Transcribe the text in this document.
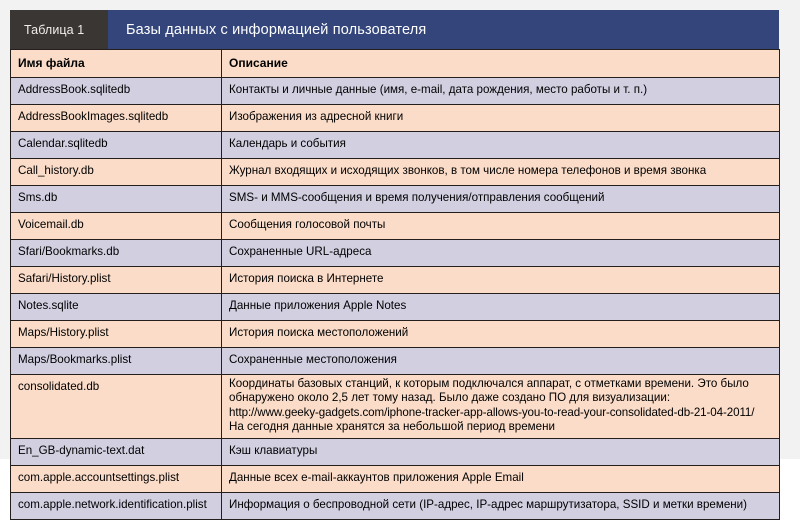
Таблица 1	Базы данных с информацией пользователя
Имя файла	Описание
AddressBook.sqlitedb	Контакты и личные данные (имя, e-mail, дата рождения, место работы и т. п.)
AddressBookImages.sqlitedb	Изображения из адресной книги
Calendar.sqlitedb	Календарь и события
Call_history.db	Журнал входящих и исходящих звонков, в том числе номера телефонов и время звонка
Sms.db	SMS- и MMS-сообщения и время получения/отправления сообщений
Voicemail.db	Сообщения голосовой почты
Sfari/Bookmarks.db	Сохраненные URL-адреса
Safari/History.plist	История поиска в Интернете
Notes.sqlite	Данные приложения Apple Notes
Maps/History.plist	История поиска местоположений
Maps/Bookmarks.plist	Сохраненные местоположения
consolidated.db	Координаты базовых станций, к которым подключался аппарат, с отметками времени. Это было
обнаружено около 2,5 лет тому назад. Было даже создано ПО для визуализации:
http://www.geeky-gadgets.com/iphone-tracker-app-allows-you-to-read-your-consolidated-db-21-04-2011/
На сегодня данные хранятся за небольшой период времени

En_GB-dynamic-text.dat	Кэш клавиатуры
com.apple.accountsettings.plist	Данные всех e-mail-аккаунтов приложения Apple Email
com.apple.network.identification.plist	Информация о беспроводной сети (IP-адрес, IP-адрес маршрутизатора, SSID и метки времени)
